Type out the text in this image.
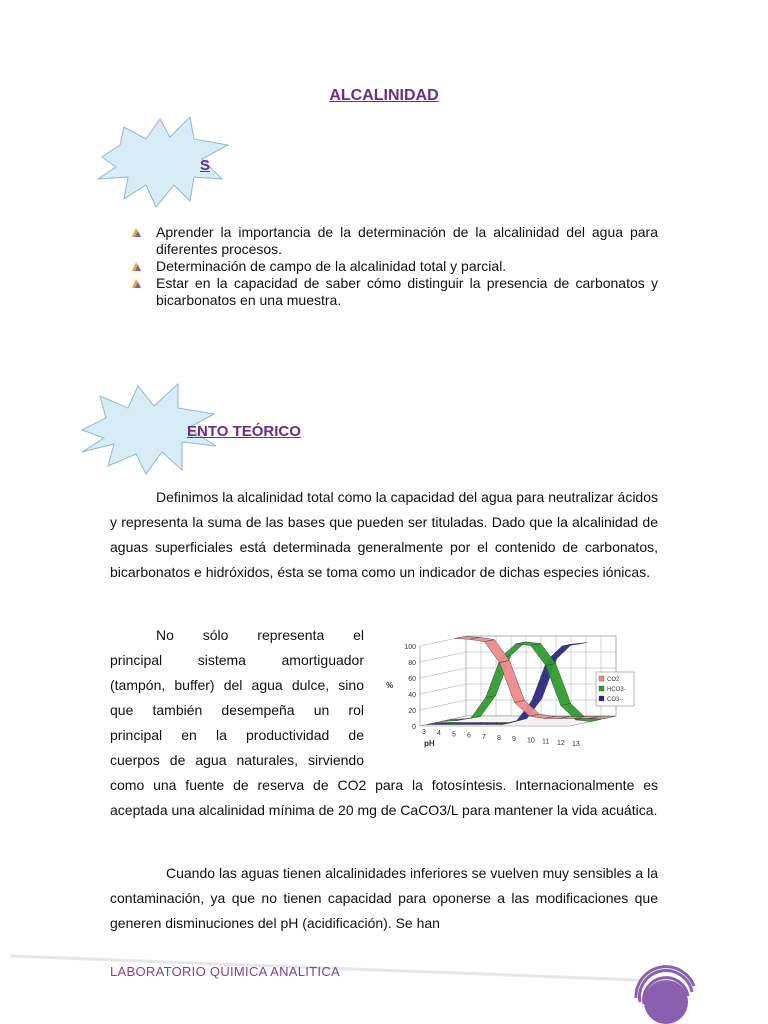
ALCALINIDAD
S
Aprender la importancia de la determinación de la alcalinidad del agua para diferentes procesos.
Determinación de campo de la alcalinidad total y parcial.
Estar en la capacidad de saber cómo distinguir la presencia de carbonatos y bicarbonatos en una muestra.
ENTO TEÓRICO
Definimos la alcalinidad total como la capacidad del agua para neutralizar ácidos y representa la suma de las bases que pueden ser tituladas. Dado que la alcalinidad de aguas superficiales está determinada generalmente por el contenido de carbonatos, bicarbonatos e hidróxidos, ésta se toma como un indicador de dichas especies iónicas.
No sólo representa el
principal sistema amortiguador
(tampón, buffer) del agua dulce, sino
que también desempeña un rol
principal en la productividad de
cuerpos de agua naturales, sirviendo
0
20
40
60
80
100
3 4 5 6 7 8 9 10 11 12 13
pH
%
CO2
HCO3-
CO3--
como una fuente de reserva de CO2 para la fotosíntesis. Internacionalmente es aceptada una alcalinidad mínima de 20 mg de CaCO3/L para mantener la vida acuática.
Cuando las aguas tienen alcalinidades inferiores se vuelven muy sensibles a la contaminación, ya que no tienen capacidad para oponerse a las modificaciones que generen disminuciones del pH (acidificación). Se han
LABORATORIO QUIMICA ANALITICA
